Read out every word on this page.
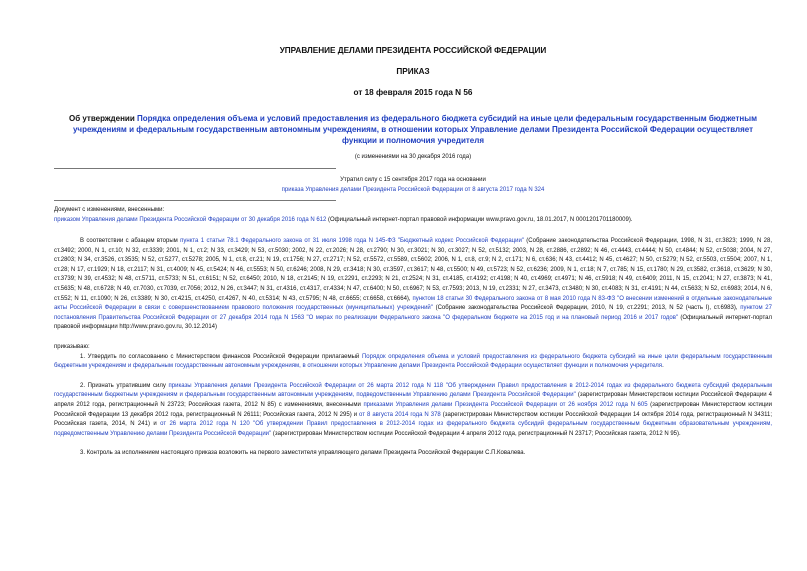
УПРАВЛЕНИЕ ДЕЛАМИ ПРЕЗИДЕНТА РОССИЙСКОЙ ФЕДЕРАЦИИ
ПРИКАЗ
от 18 февраля 2015 года N 56
Об утверждении Порядка определения объема и условий предоставления из федерального бюджета субсидий на иные цели федеральным государственным бюджетным учреждениям и федеральным государственным автономным учреждениям, в отношении которых Управление делами Президента Российской Федерации осуществляет функции и полномочия учредителя
(с изменениями на 30 декабря 2016 года)
Утратил силу с 15 сентября 2017 года на основании
приказа Управления делами Президента Российской Федерации от 8 августа 2017 года N 324
Документ с изменениями, внесенными:
приказом Управления делами Президента Российской Федерации от 30 декабря 2016 года N 612 (Официальный интернет-портал правовой информации www.pravo.gov.ru, 18.01.2017, N 0001201701180009).
В соответствии с абзацем вторым пункта 1 статьи 78.1 Федерального закона от 31 июля 1998 года N 145-ФЗ "Бюджетный кодекс Российской Федерации" (Собрание законодательства Российской Федерации, 1998, N 31, ст.3823; 1999, N 28, ст.3492; 2000, N 1, ст.10; N 32, ст.3339; 2001, N 1, ст.2; N 33, ст.3429; N 53, ст.5030; 2002, N 22, ст.2026; N 28, ст.2790; N 30, ст.3021; N 30, ст.3027; N 52, ст.5132; 2003, N 28, ст.2886, ст.2892; N 46, ст.4443, ст.4444; N 50, ст.4844; N 52, ст.5038; 2004, N 27, ст.2803; N 34, ст.3526, ст.3535; N 52, ст.5277, ст.5278; 2005, N 1, ст.8, ст.21; N 19, ст.1756; N 27, ст.2717; N 52, ст.5572, ст.5589, ст.5602; 2006, N 1, ст.8, ст.9; N 2, ст.171; N 6, ст.636; N 43, ст.4412; N 45, ст.4627; N 50, ст.5279; N 52, ст.5503, ст.5504; 2007, N 1, ст.28; N 17, ст.1929; N 18, ст.2117; N 31, ст.4009; N 45, ст.5424; N 46, ст.5553; N 50, ст.6246; 2008, N 29, ст.3418; N 30, ст.3597, ст.3617; N 48, ст.5500; N 49, ст.5723; N 52, ст.6236; 2009, N 1, ст.18; N 7, ст.785; N 15, ст.1780; N 29, ст.3582, ст.3618, ст.3629; N 30, ст.3739; N 39, ст.4532; N 48, ст.5711, ст.5733; N 51, ст.6151; N 52, ст.6450; 2010, N 18, ст.2145; N 19, ст.2291, ст.2293; N 21, ст.2524; N 31, ст.4185, ст.4192; ст.4198; N 40, ст.4969; ст.4971; N 46, ст.5918; N 49, ст.6409; 2011, N 15, ст.2041; N 27, ст.3873; N 41, ст.5635; N 48, ст.6728; N 49, ст.7030, ст.7039, ст.7056; 2012, N 26, ст.3447; N 31, ст.4316, ст.4317, ст.4334; N 47, ст.6400; N 50, ст.6967; N 53, ст.7593; 2013, N 19, ст.2331; N 27, ст.3473, ст.3480; N 30, ст.4083; N 31, ст.4191; N 44, ст.5633; N 52, ст.6983; 2014, N 6, ст.552; N 11, ст.1090; N 26, ст.3389; N 30, ст.4215, ст.4250, ст.4267, N 40, ст.5314; N 43, ст.5795; N 48, ст.6655; ст.6658, ст.6664), пунктом 18 статьи 30 Федерального закона от 8 мая 2010 года N 83-ФЗ "О внесении изменений в отдельные законодательные акты Российской Федерации в связи с совершенствованием правового положения государственных (муниципальных) учреждений" (Собрание законодательства Российской Федерации, 2010, N 19, ст.2291; 2013, N 52 (часть I), ст.6983), пунктом 27 постановления Правительства Российской Федерации от 27 декабря 2014 года N 1563 "О мерах по реализации Федерального закона "О федеральном бюджете на 2015 год и на плановый период 2016 и 2017 годов" (Официальный интернет-портал правовой информации http://www.pravo.gov.ru, 30.12.2014)
приказываю:
1. Утвердить по согласованию с Министерством финансов Российской Федерации прилагаемый Порядок определения объема и условий предоставления из федерального бюджета субсидий на иные цели федеральным государственным бюджетным учреждениям и федеральным государственным автономным учреждениям, в отношении которых Управление делами Президента Российской Федерации осуществляет функции и полномочия учредителя.
2. Признать утратившим силу приказы Управления делами Президента Российской Федерации от 26 марта 2012 года N 118 "Об утверждении Правил предоставления в 2012-2014 годах из федерального бюджета субсидий федеральным государственным бюджетным учреждениям и федеральным государственным автономным учреждениям, подведомственным Управлению делами Президента Российской Федерации" (зарегистрирован Министерством юстиции Российской Федерации 4 апреля 2012 года, регистрационный N 23723; Российская газета, 2012 N 85) с изменениями, внесенными приказами Управления делами Президента Российской Федерации от 26 ноября 2012 года N 605 (зарегистрирован Министерством юстиции Российской Федерации 13 декабря 2012 года, регистрационный N 26111; Российская газета, 2012 N 295) и от 8 августа 2014 года N 378 (зарегистрирован Министерством юстиции Российской Федерации 14 октября 2014 года, регистрационный N 34311; Российская газета, 2014, N 241) и от 26 марта 2012 года N 120 "Об утверждении Правил предоставления в 2012-2014 годах из федерального бюджета субсидий федеральным государственным бюджетным образовательным учреждениям, подведомственным Управлению делами Президента Российской Федерации" (зарегистрирован Министерством юстиции Российской Федерации 4 апреля 2012 года, регистрационный N 23717; Российская газета, 2012 N 95).
3. Контроль за исполнением настоящего приказа возложить на первого заместителя управляющего делами Президента Российской Федерации С.П.Ковалева.
